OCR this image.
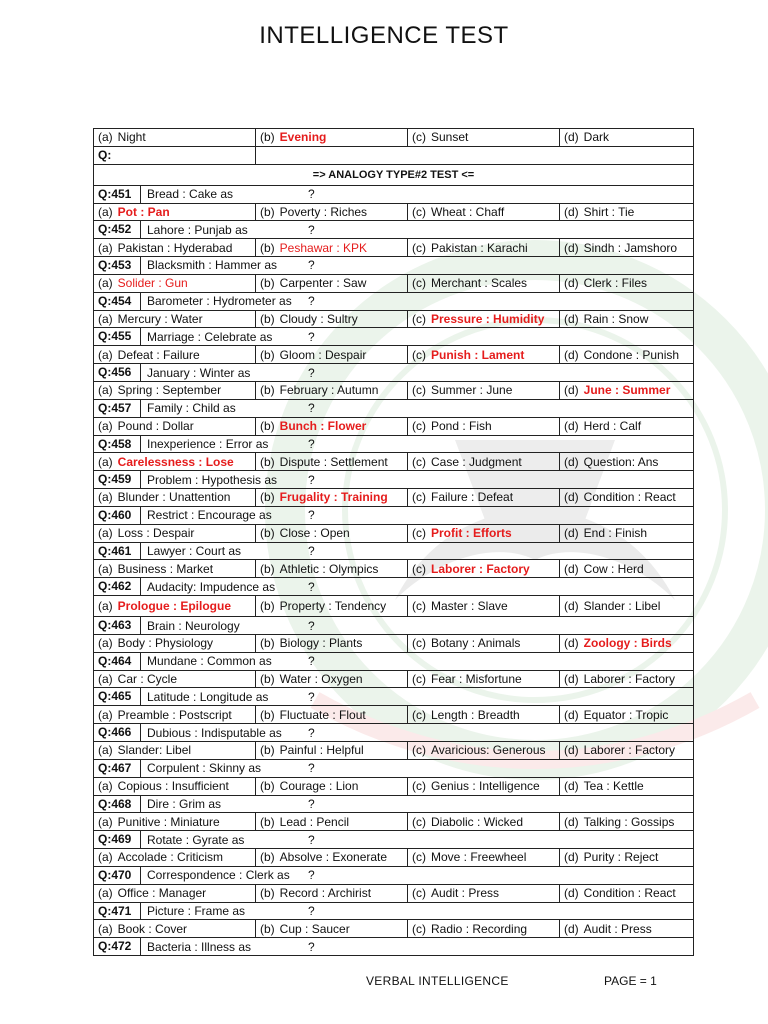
INTELLIGENCE TEST
(a) Night	(b) Evening	(c) Sunset	(d) Dark
Q:			
=> ANALOGY TYPE#2 TEST <=			

Q:451 Bread : Cake as ?			

(a) Pot : Pan	(b) Poverty : Riches	(c) Wheat : Chaff	(d) Shirt : Tie

Q:452 Lahore : Punjab as ?			

(a) Pakistan : Hyderabad	(b) Peshawar : KPK	(c) Pakistan : Karachi	(d) Sindh : Jamshoro

Q:453 Blacksmith : Hammer as ?			

(a) Solider : Gun	(b) Carpenter : Saw	(c) Merchant : Scales	(d) Clerk : Files

Q:454 Barometer : Hydrometer as ?			

(a) Mercury : Water	(b) Cloudy : Sultry	(c) Pressure : Humidity	(d) Rain : Snow

Q:455 Marriage : Celebrate as ?			

(a) Defeat : Failure	(b) Gloom : Despair	(c) Punish : Lament	(d) Condone : Punish

Q:456 January : Winter as ?			

(a) Spring : September	(b) February : Autumn	(c) Summer : June	(d) June : Summer

Q:457 Family : Child as ?			

(a) Pound : Dollar	(b) Bunch : Flower	(c) Pond : Fish	(d) Herd : Calf

Q:458 Inexperience : Error as ?			

(a) Carelessness : Lose	(b) Dispute : Settlement	(c) Case : Judgment	(d) Question: Ans

Q:459 Problem : Hypothesis as ?			

(a) Blunder : Unattention	(b) Frugality : Training	(c) Failure : Defeat	(d) Condition : React

Q:460 Restrict : Encourage as ?			

(a) Loss : Despair	(b) Close : Open	(c) Profit : Efforts	(d) End : Finish

Q:461 Lawyer : Court as ?			

(a) Business : Market	(b) Athletic : Olympics	(c) Laborer : Factory	(d) Cow : Herd

Q:462 Audacity: Impudence as ?			

(a) Prologue : Epilogue	(b) Property : Tendency	(c) Master : Slave	(d) Slander : Libel

Q:463 Brain : Neurology ?			

(a) Body : Physiology	(b) Biology : Plants	(c) Botany : Animals	(d) Zoology : Birds

Q:464 Mundane : Common as ?			

(a) Car : Cycle	(b) Water : Oxygen	(c) Fear : Misfortune	(d) Laborer : Factory

Q:465 Latitude : Longitude as ?			

(a) Preamble : Postscript	(b) Fluctuate : Flout	(c) Length : Breadth	(d) Equator : Tropic

Q:466 Dubious : Indisputable as ?			

(a) Slander: Libel	(b) Painful : Helpful	(c) Avaricious: Generous	(d) Laborer : Factory

Q:467 Corpulent : Skinny as ?			

(a) Copious : Insufficient	(b) Courage : Lion	(c) Genius : Intelligence	(d) Tea : Kettle

Q:468 Dire : Grim as ?			

(a) Punitive : Miniature	(b) Lead : Pencil	(c) Diabolic : Wicked	(d) Talking : Gossips

Q:469 Rotate : Gyrate as ?			

(a) Accolade : Criticism	(b) Absolve : Exonerate	(c) Move : Freewheel	(d) Purity : Reject

Q:470 Correspondence : Clerk as ?			

(a) Office : Manager	(b) Record : Archirist	(c) Audit : Press	(d) Condition : React

Q:471 Picture : Frame as ?			

(a) Book : Cover	(b) Cup : Saucer	(c) Radio : Recording	(d) Audit : Press

Q:472 Bacteria : Illness as ?			
VERBAL INTELLIGENCE	PAGE = 1
